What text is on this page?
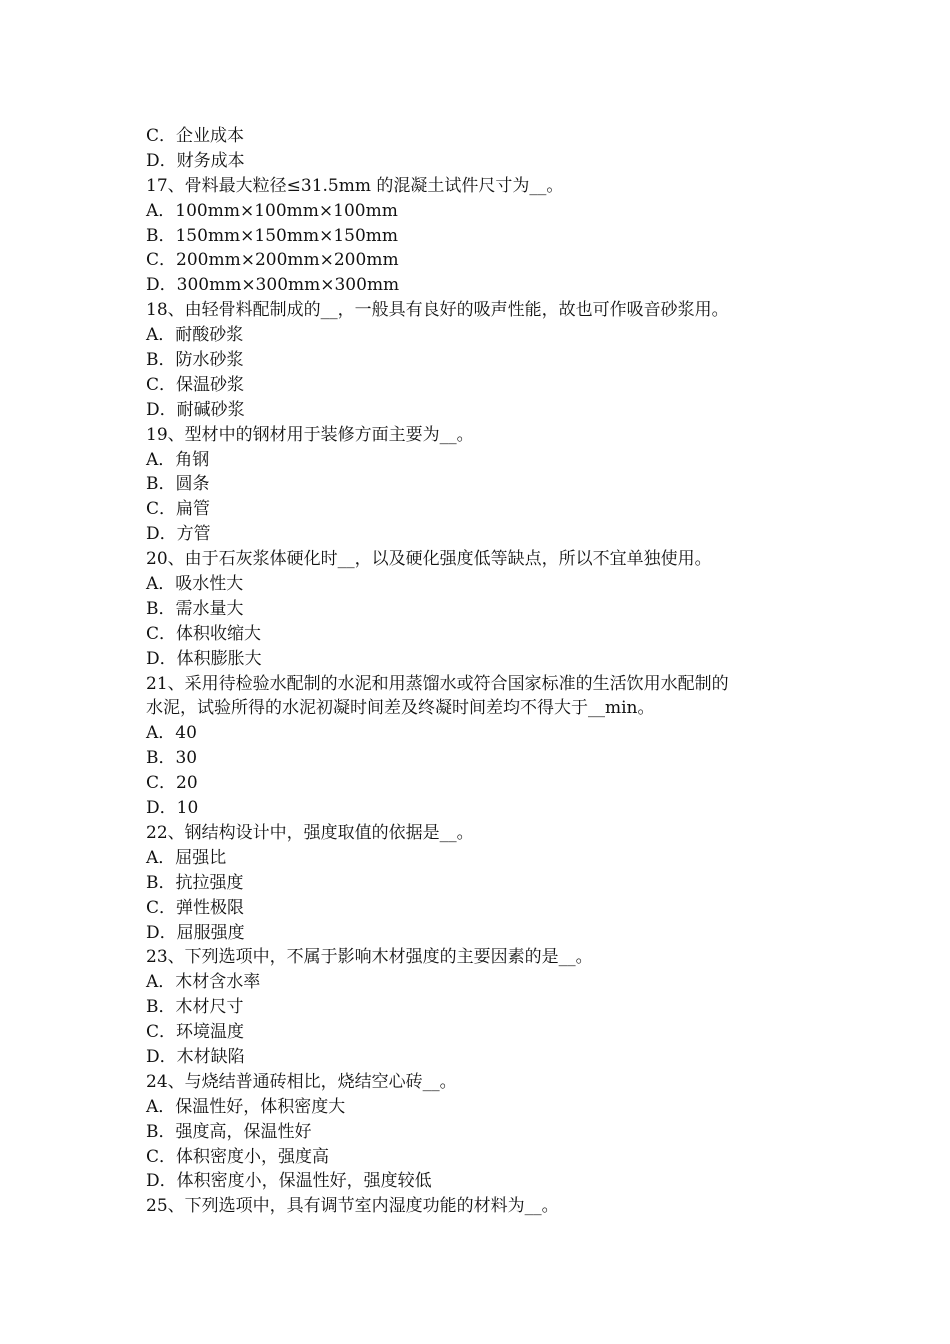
C．企业成本
D．财务成本
17、骨料最大粒径≤31.5mm 的混凝土试件尺寸为__。
A．100mm×100mm×100mm
B．150mm×150mm×150mm
C．200mm×200mm×200mm
D．300mm×300mm×300mm
18、由轻骨料配制成的__，一般具有良好的吸声性能，故也可作吸音砂浆用。
A．耐酸砂浆
B．防水砂浆
C．保温砂浆
D．耐碱砂浆
19、型材中的钢材用于装修方面主要为__。
A．角钢
B．圆条
C．扁管
D．方管
20、由于石灰浆体硬化时__，以及硬化强度低等缺点，所以不宜单独使用。
A．吸水性大
B．需水量大
C．体积收缩大
D．体积膨胀大
21、采用待检验水配制的水泥和用蒸馏水或符合国家标准的生活饮用水配制的
水泥，试验所得的水泥初凝时间差及终凝时间差均不得大于__min。
A．40
B．30
C．20
D．10
22、钢结构设计中，强度取值的依据是__。
A．屈强比
B．抗拉强度
C．弹性极限
D．屈服强度
23、下列选项中，不属于影响木材强度的主要因素的是__。
A．木材含水率
B．木材尺寸
C．环境温度
D．木材缺陷
24、与烧结普通砖相比，烧结空心砖__。
A．保温性好，体积密度大
B．强度高，保温性好
C．体积密度小，强度高
D．体积密度小，保温性好，强度较低
25、下列选项中，具有调节室内湿度功能的材料为__。
